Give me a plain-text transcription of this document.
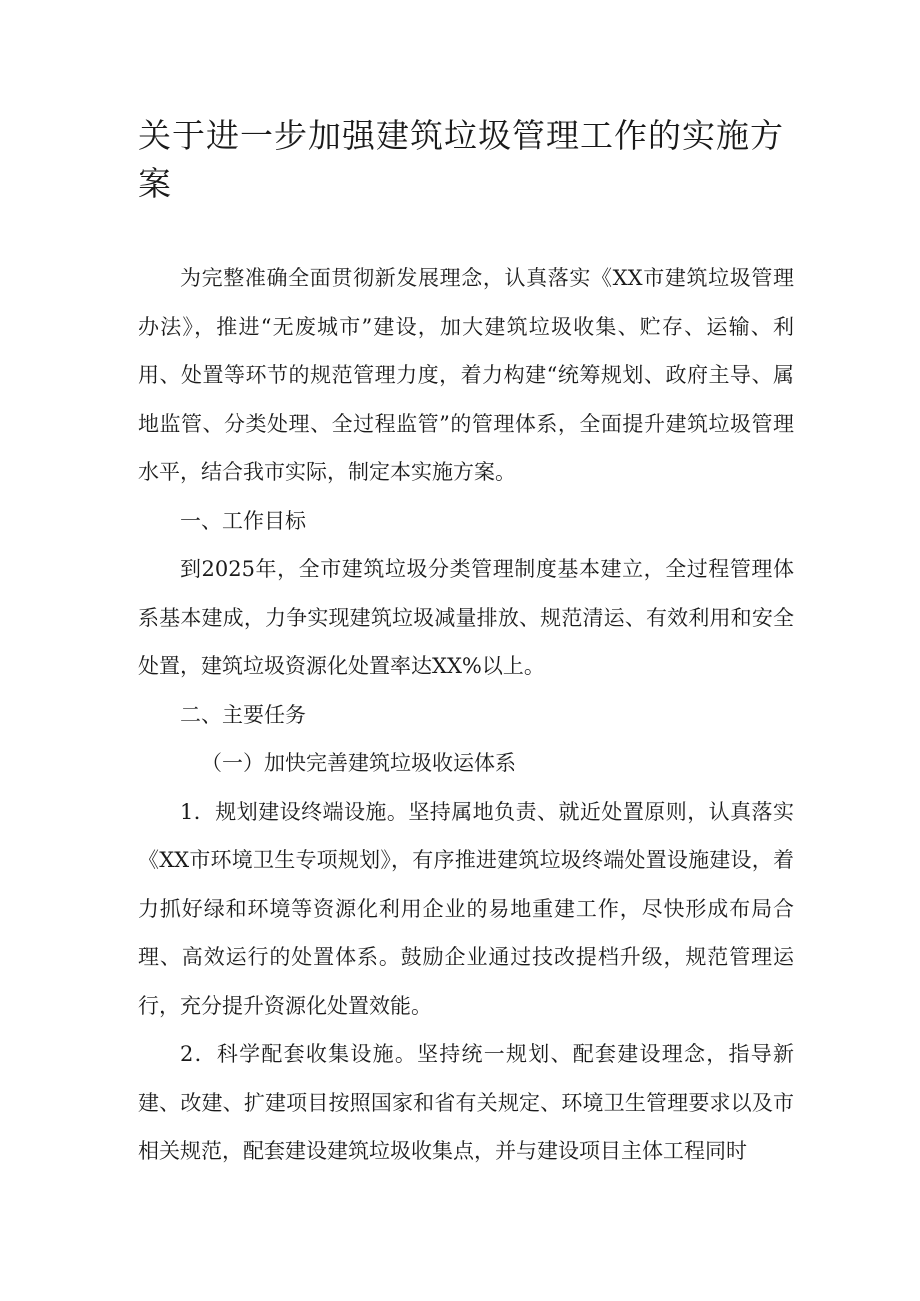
关于进一步加强建筑垃圾管理工作的实施方案

为完整准确全面贯彻新发展理念，认真落实《XX市建筑垃圾管理办法》，推进“无废城市”建设，加大建筑垃圾收集、贮存、运输、利用、处置等环节的规范管理力度，着力构建“统筹规划、政府主导、属地监管、分类处理、全过程监管”的管理体系，全面提升建筑垃圾管理水平，结合我市实际，制定本实施方案。

一、工作目标

到2025年，全市建筑垃圾分类管理制度基本建立，全过程管理体系基本建成，力争实现建筑垃圾减量排放、规范清运、有效利用和安全处置，建筑垃圾资源化处置率达XX%以上。

二、主要任务

（一）加快完善建筑垃圾收运体系

1．规划建设终端设施。坚持属地负责、就近处置原则，认真落实《XX市环境卫生专项规划》，有序推进建筑垃圾终端处置设施建设，着力抓好绿和环境等资源化利用企业的易地重建工作，尽快形成布局合理、高效运行的处置体系。鼓励企业通过技改提档升级，规范管理运行，充分提升资源化处置效能。

2．科学配套收集设施。坚持统一规划、配套建设理念，指导新建、改建、扩建项目按照国家和省有关规定、环境卫生管理要求以及市相关规范，配套建设建筑垃圾收集点，并与建设项目主体工程同时
